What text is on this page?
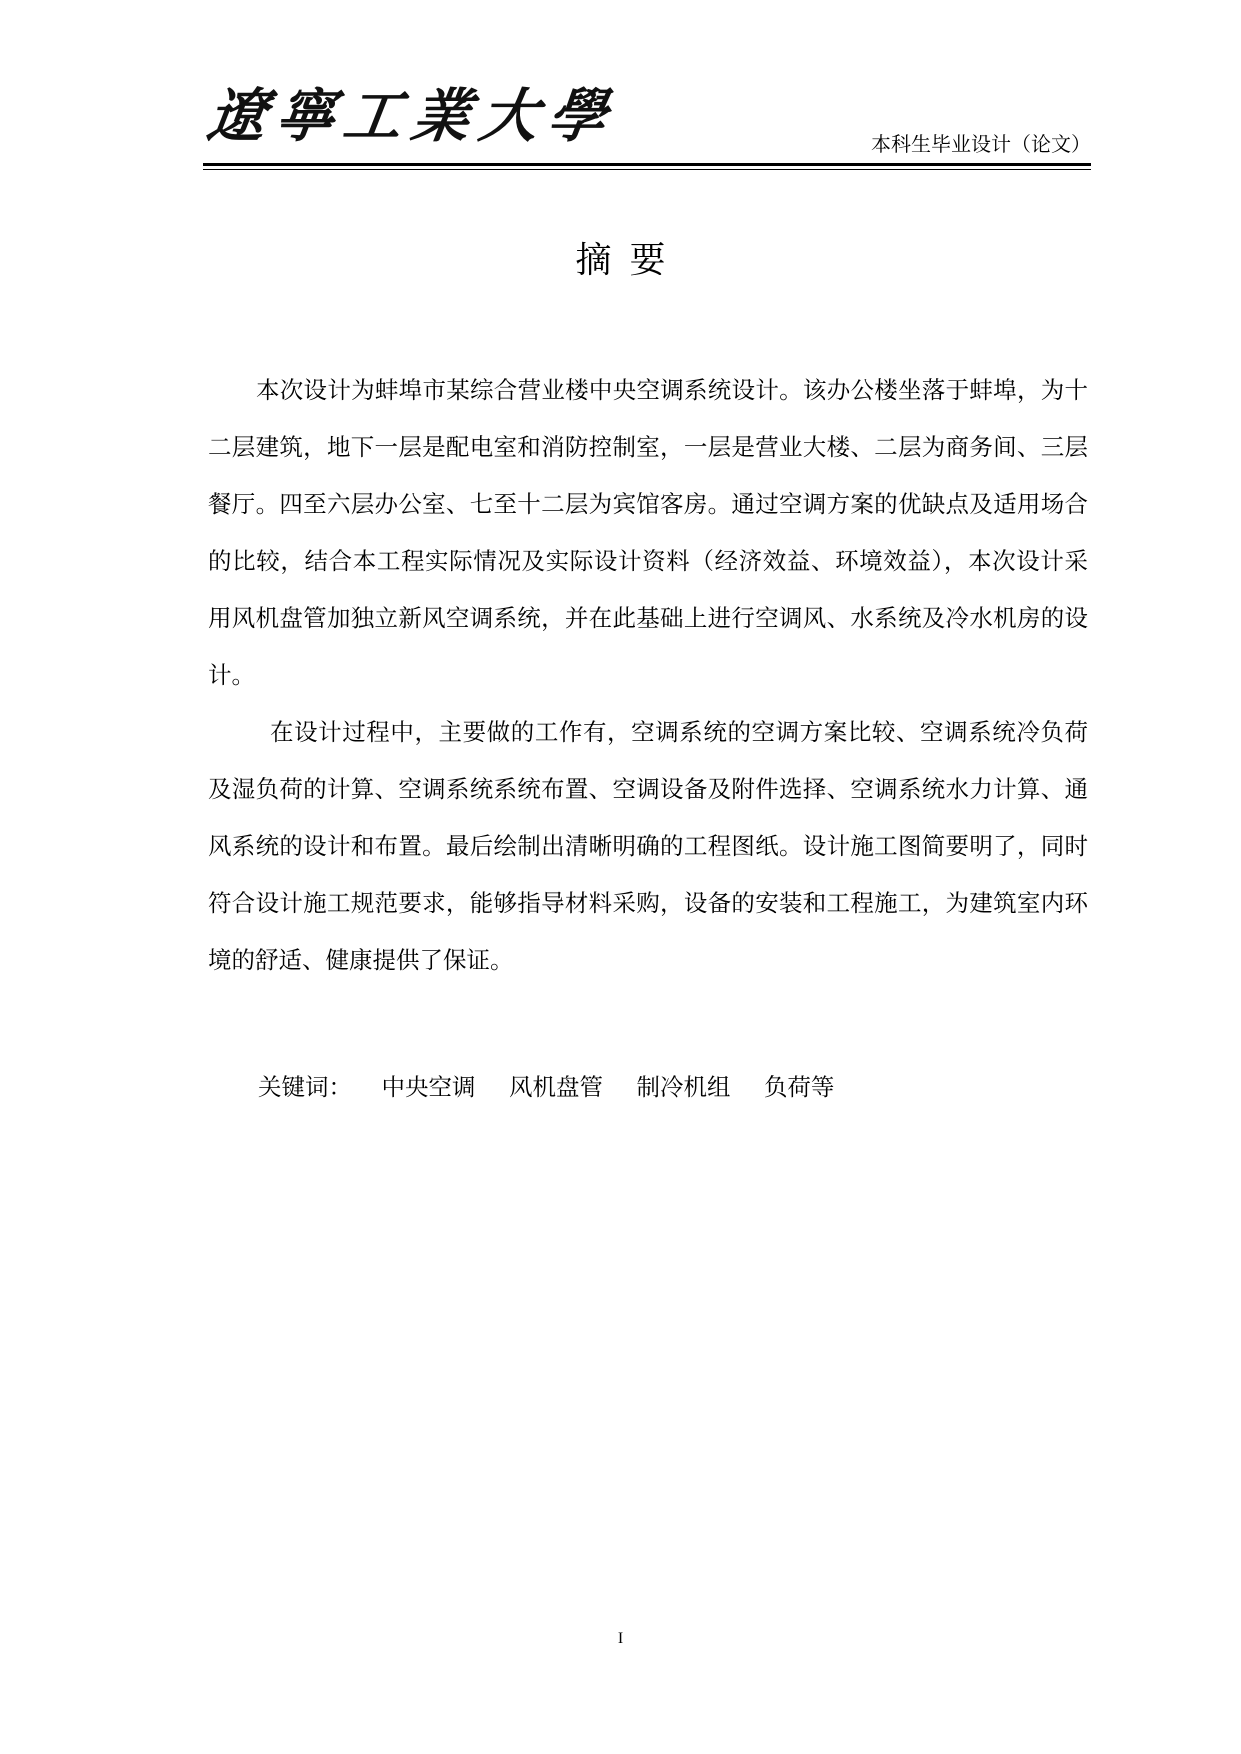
遼寧工業大學	本科生毕业设计（论文）
摘要

本次设计为蚌埠市某综合营业楼中央空调系统设计。该办公楼坐落于蚌埠，为十二层建筑，地下一层是配电室和消防控制室，一层是营业大楼、二层为商务间、三层餐厅。四至六层办公室、七至十二层为宾馆客房。通过空调方案的优缺点及适用场合的比较，结合本工程实际情况及实际设计资料（经济效益、环境效益），本次设计采用风机盘管加独立新风空调系统，并在此基础上进行空调风、水系统及冷水机房的设计。

在设计过程中，主要做的工作有，空调系统的空调方案比较、空调系统冷负荷及湿负荷的计算、空调系统系统布置、空调设备及附件选择、空调系统水力计算、通风系统的设计和布置。最后绘制出清晰明确的工程图纸。设计施工图简要明了，同时符合设计施工规范要求，能够指导材料采购，设备的安装和工程施工，为建筑室内环境的舒适、健康提供了保证。

关键词： 中央空调 风机盘管 制冷机组 负荷等
I
